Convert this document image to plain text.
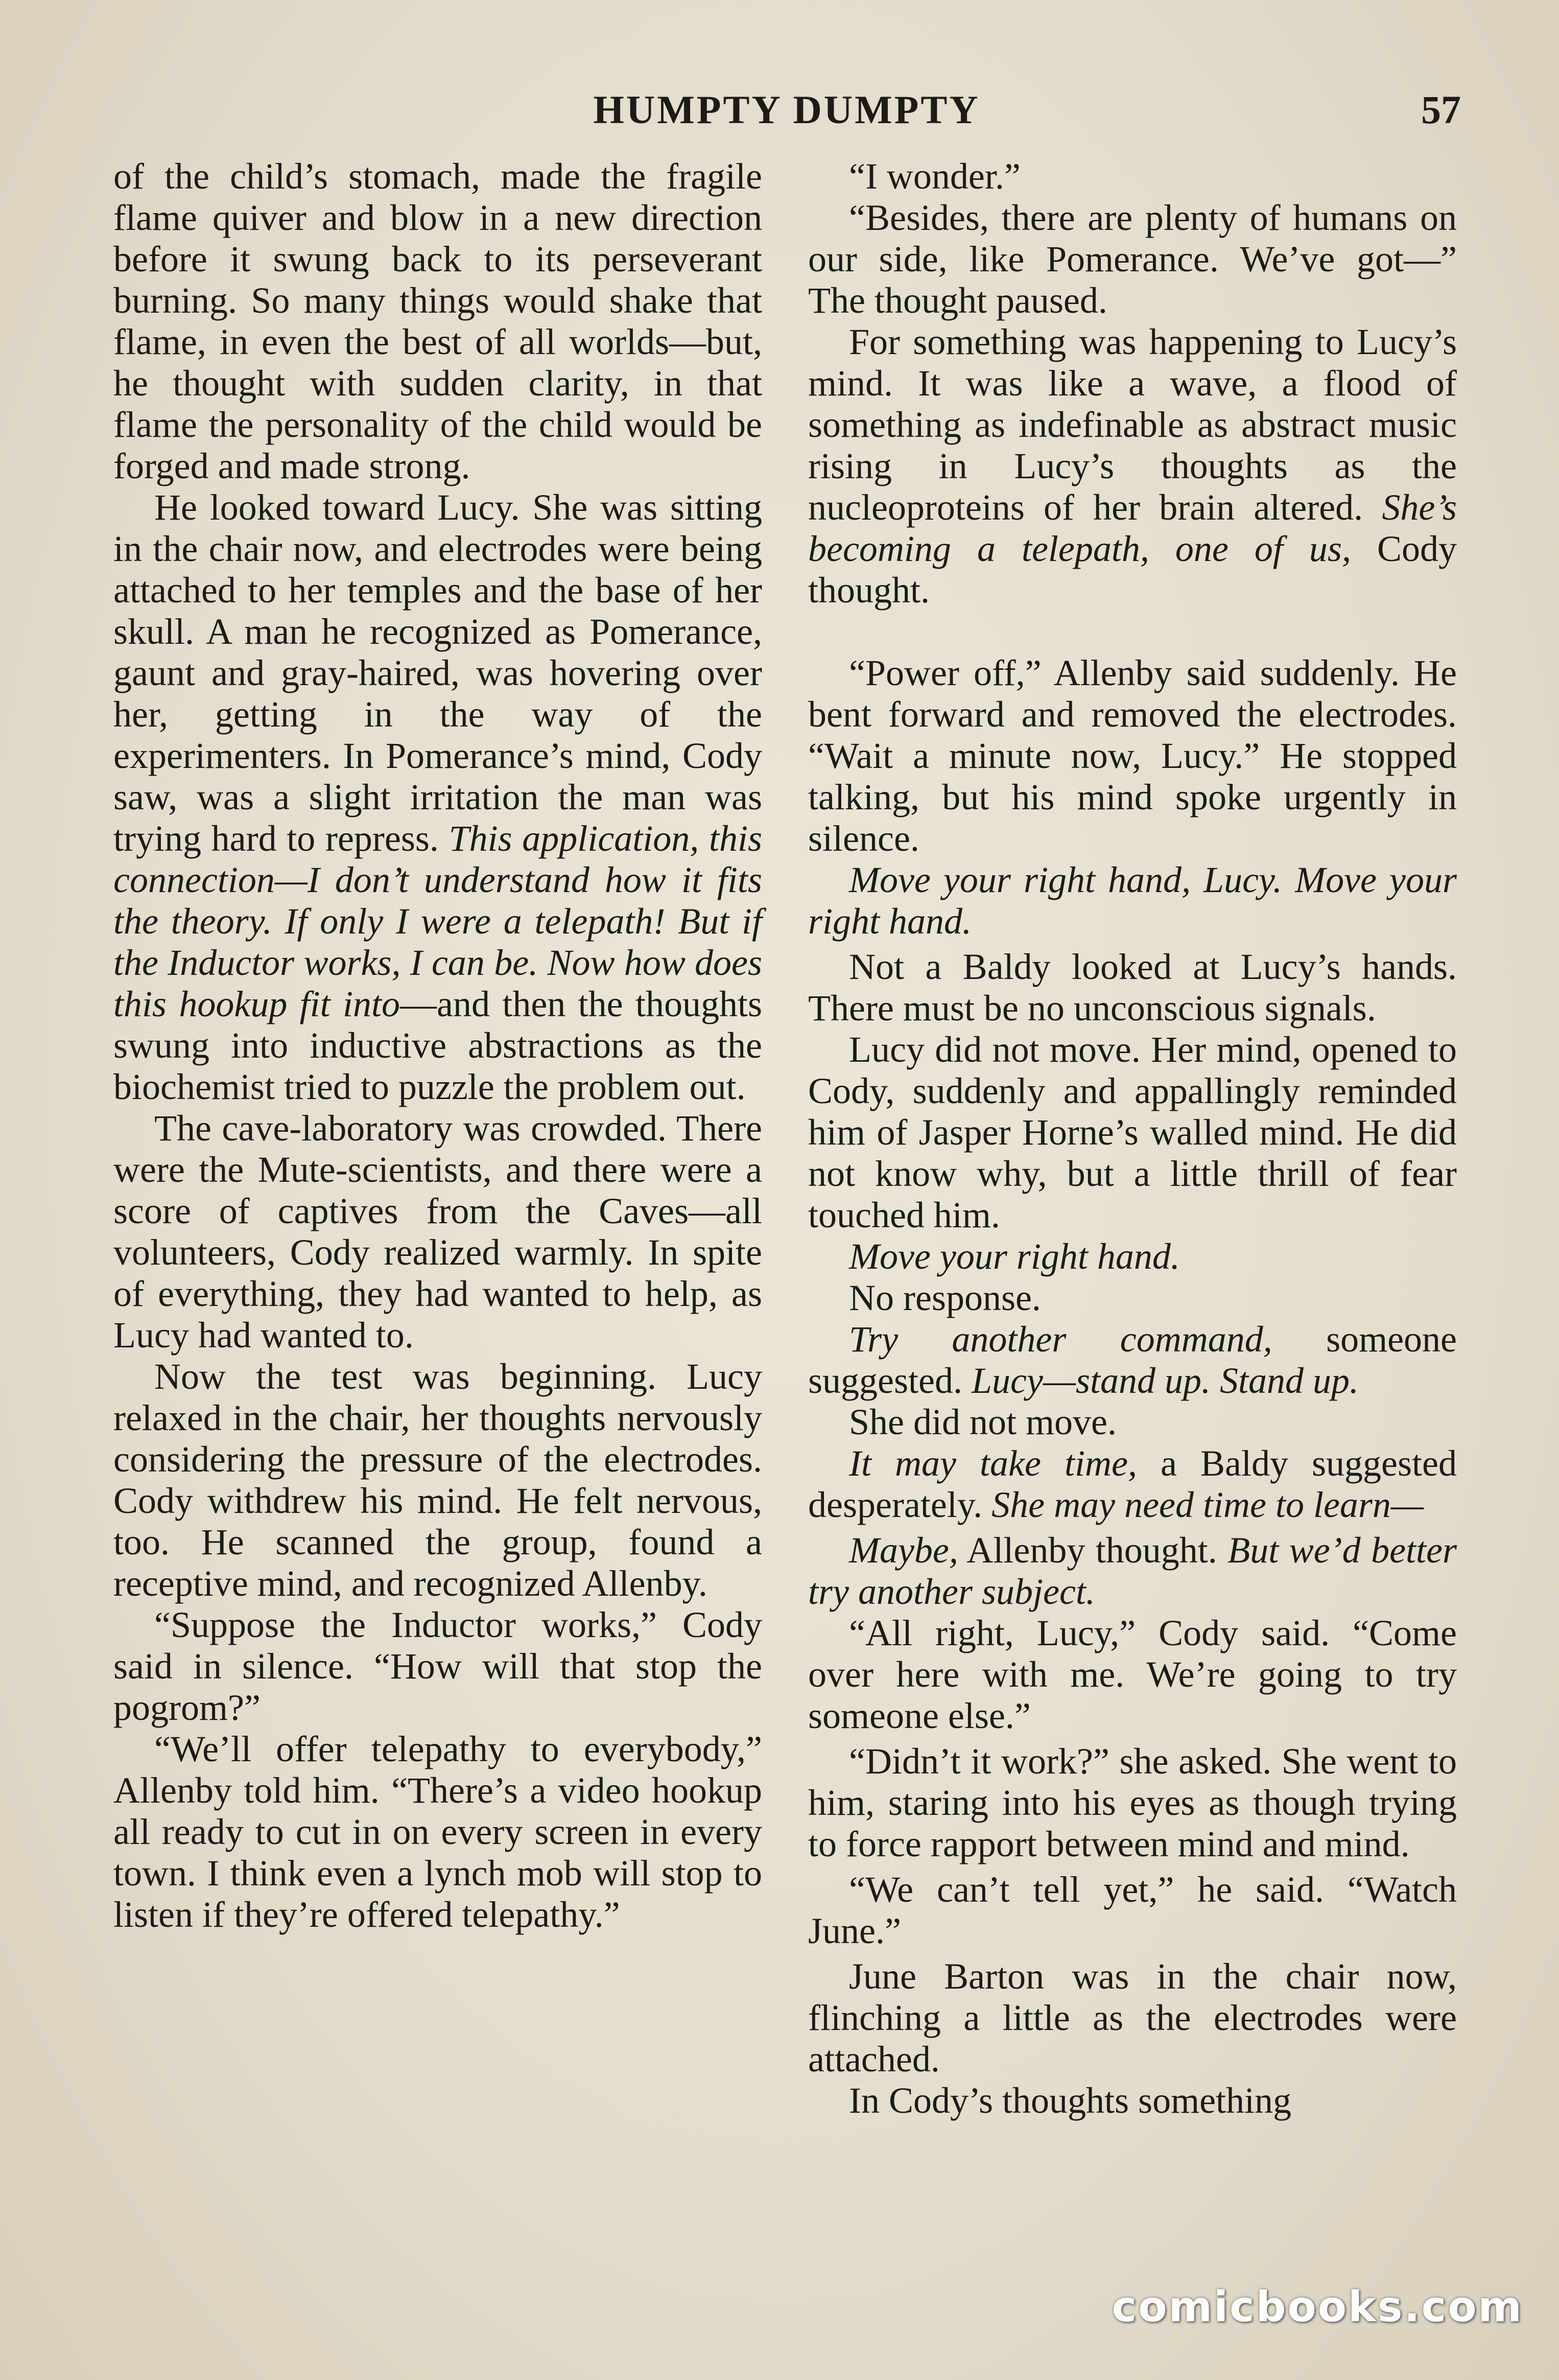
HUMPTY DUMPTY	57

of the child’s stomach, made the fragile flame quiver and blow in a new direction before it swung back to its perseverant burning. So many things would shake that flame, in even the best of all worlds—but, he thought with sudden clarity, in that flame the personality of the child would be forged and made strong.

He looked toward Lucy. She was sitting in the chair now, and electrodes were being attached to her temples and the base of her skull. A man he recognized as Pomerance, gaunt and gray-haired, was hovering over her, getting in the way of the experimenters. In Pomerance’s mind, Cody saw, was a slight irritation the man was trying hard to repress. This application, this connection—I don’t understand how it fits the theory. If only I were a telepath! But if the Inductor works, I can be. Now how does this hookup fit into—and then the thoughts swung into inductive abstractions as the biochemist tried to puzzle the problem out.

The cave-laboratory was crowded. There were the Mute-scientists, and there were a score of captives from the Caves—all volunteers, Cody realized warmly. In spite of everything, they had wanted to help, as Lucy had wanted to.

Now the test was beginning. Lucy relaxed in the chair, her thoughts nervously considering the pressure of the electrodes. Cody withdrew his mind. He felt nervous, too. He scanned the group, found a receptive mind, and recognized Allenby.

“Suppose the Inductor works,” Cody said in silence. “How will that stop the pogrom?”

“We’ll offer telepathy to everybody,” Allenby told him. “There’s a video hookup all ready to cut in on every screen in every town. I think even a lynch mob will stop to listen if they’re offered telepathy.”

“I wonder.”

“Besides, there are plenty of humans on our side, like Pomerance. We’ve got—” The thought paused.

For something was happening to Lucy’s mind. It was like a wave, a flood of something as indefinable as abstract music rising in Lucy’s thoughts as the nucleoproteins of her brain altered. She’s becoming a telepath, one of us, Cody thought.

“Power off,” Allenby said suddenly. He bent forward and removed the electrodes. “Wait a minute now, Lucy.” He stopped talking, but his mind spoke urgently in silence.

Move your right hand, Lucy. Move your right hand.

Not a Baldy looked at Lucy’s hands. There must be no unconscious signals.

Lucy did not move. Her mind, opened to Cody, suddenly and appallingly reminded him of Jasper Horne’s walled mind. He did not know why, but a little thrill of fear touched him.

Move your right hand.

No response.

Try another command, someone suggested. Lucy—stand up. Stand up.

She did not move.

It may take time, a Baldy suggested desperately. She may need time to learn—

Maybe, Allenby thought. But we’d better try another subject.

“All right, Lucy,” Cody said. “Come over here with me. We’re going to try someone else.”

“Didn’t it work?” she asked. She went to him, staring into his eyes as though trying to force rapport between mind and mind.

“We can’t tell yet,” he said. “Watch June.”

June Barton was in the chair now, flinching a little as the electrodes were attached.

In Cody’s thoughts something

comicbooks.com
